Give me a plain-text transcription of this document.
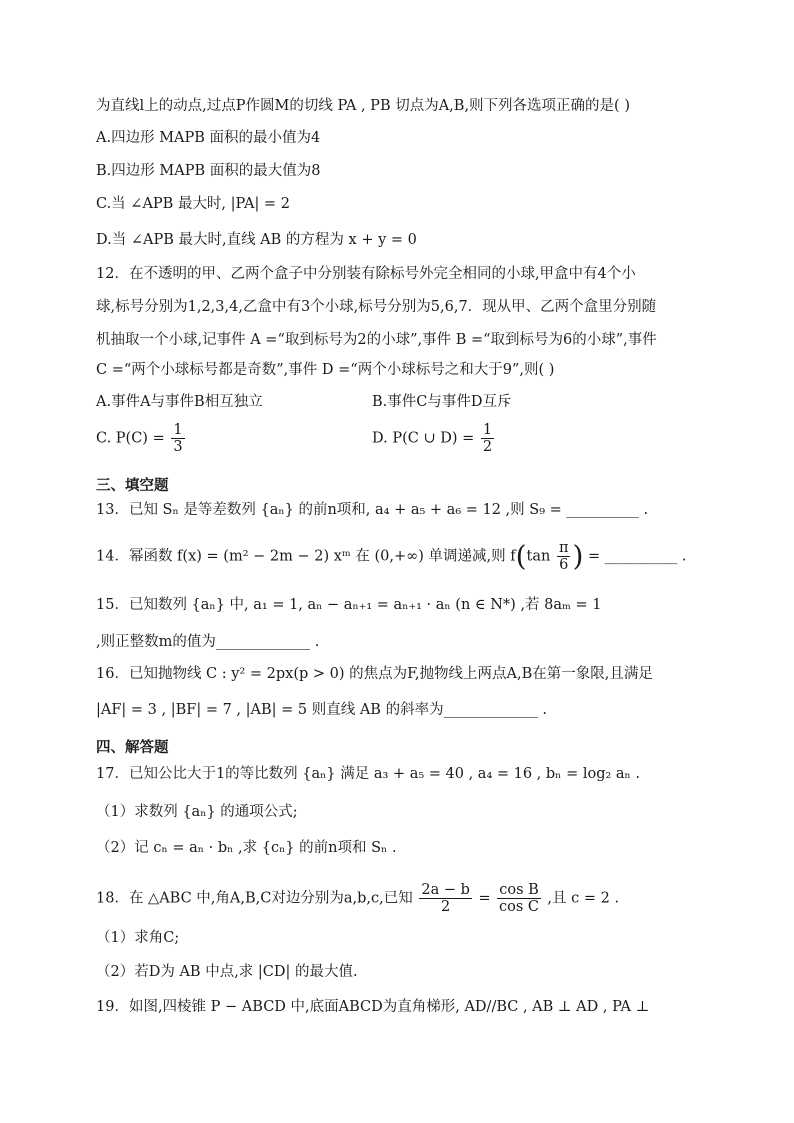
为直线l上的动点,过点P作圆M的切线 PA , PB 切点为A,B,则下列各选项正确的是( )
A.四边形 MAPB 面积的最小值为4
B.四边形 MAPB 面积的最大值为8
C.当 ∠APB 最大时, |PA| = 2
D.当 ∠APB 最大时,直线 AB 的方程为 x + y = 0
12．在不透明的甲、乙两个盒子中分别装有除标号外完全相同的小球,甲盒中有4个小
球,标号分别为1,2,3,4,乙盒中有3个小球,标号分别为5,6,7．现从甲、乙两个盒里分别随
机抽取一个小球,记事件 A =“取到标号为2的小球”,事件 B =“取到标号为6的小球”,事件
C =“两个小球标号都是奇数”,事件 D =“两个小球标号之和大于9”,则( )
A.事件A与事件B相互独立	B.事件C与事件D互斥
C. $P(C) = \frac{1}{3}$	D. P(C ∪ $D) = \frac{1}{2}$
三、填空题
13．已知 Sₙ 是等差数列 {aₙ} 的前n项和, a₄ + a₅ + a₆ = 12 ,则 S₉ = __________ .
14．幂函数 f(x) = (m² − 2m − 2) xᵐ 在 (0,+∞) 单调递减,则 $f(\tan \frac{\pi}{6}$ ) = __________ .
15．已知数列 {aₙ} 中, a₁ = 1, aₙ − aₙ₊₁ = aₙ₊₁ · aₙ (n ∈ N*) ,若 8aₘ = 1
,则正整数m的值为_____________ .
16．已知抛物线 C : y² = 2px(p > 0) 的焦点为F,抛物线上两点A,B在第一象限,且满足
|AF| = 3 , |BF| = 7 , |AB| = 5 则直线 AB 的斜率为_____________ .
四、解答题
17．已知公比大于1的等比数列 {aₙ} 满足 a₃ + a₅ = 40 , a₄ = 16 , bₙ = log₂ aₙ .
（1）求数列 {aₙ} 的通项公式;
（2）记 cₙ = aₙ · bₙ ,求 {cₙ} 的前n项和 Sₙ .
18．在 △ABC 中,角A,B,C对边分别为a,b,c,已知 $\frac{2a - b}{2} = \frac{\text{cos B}}{\text{cos C}}$ ,且 c = 2 .
（1）求角C;
（2）若D为 AB 中点,求 |CD| 的最大值.
19．如图,四棱锥 P − ABCD 中,底面ABCD为直角梯形, AD//BC , AB ⊥ AD , PA ⊥
